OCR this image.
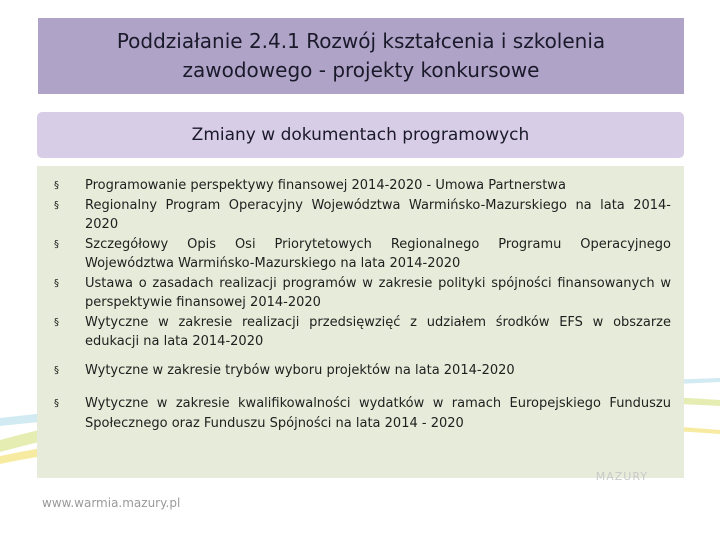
Poddziałanie 2.4.1 Rozwój kształcenia i szkolenia zawodowego - projekty konkursowe
Zmiany w dokumentach programowych
§	Programowanie perspektywy finansowej 2014-2020 - Umowa Partnerstwa
§	Regionalny Program Operacyjny Województwa Warmińsko-Mazurskiego na lata 2014-2020
§	Szczegółowy Opis Osi Priorytetowych Regionalnego Programu Operacyjnego Województwa Warmińsko-Mazurskiego na lata 2014-2020
§	Ustawa o zasadach realizacji programów w zakresie polityki spójności finansowanych w perspektywie finansowej 2014-2020
§	Wytyczne w zakresie realizacji przedsięwzięć z udziałem środków EFS w obszarze edukacji na lata 2014-2020
§	Wytyczne w zakresie trybów wyboru projektów na lata 2014-2020
§	Wytyczne w zakresie kwalifikowalności wydatków w ramach Europejskiego Funduszu Społecznego oraz Funduszu Spójności na lata 2014 - 2020
MAZURY
www.warmia.mazury.pl
